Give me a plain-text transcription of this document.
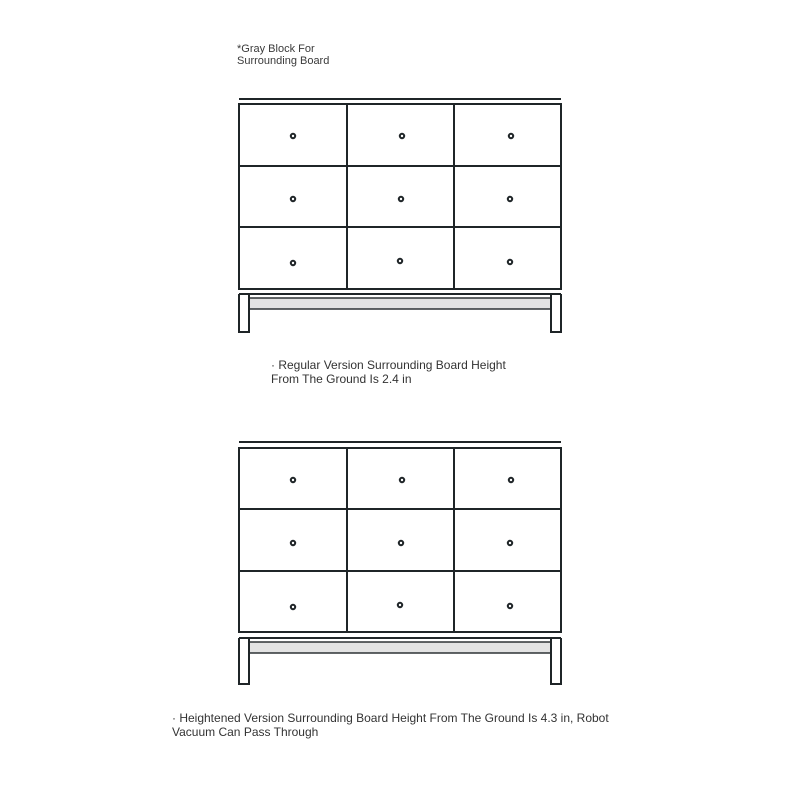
*Gray Block For
Surrounding Board
· Regular Version Surrounding Board Height
From The Ground Is 2.4 in
· Heightened Version Surrounding Board Height From The Ground Is 4.3 in, Robot
Vacuum Can Pass Through
